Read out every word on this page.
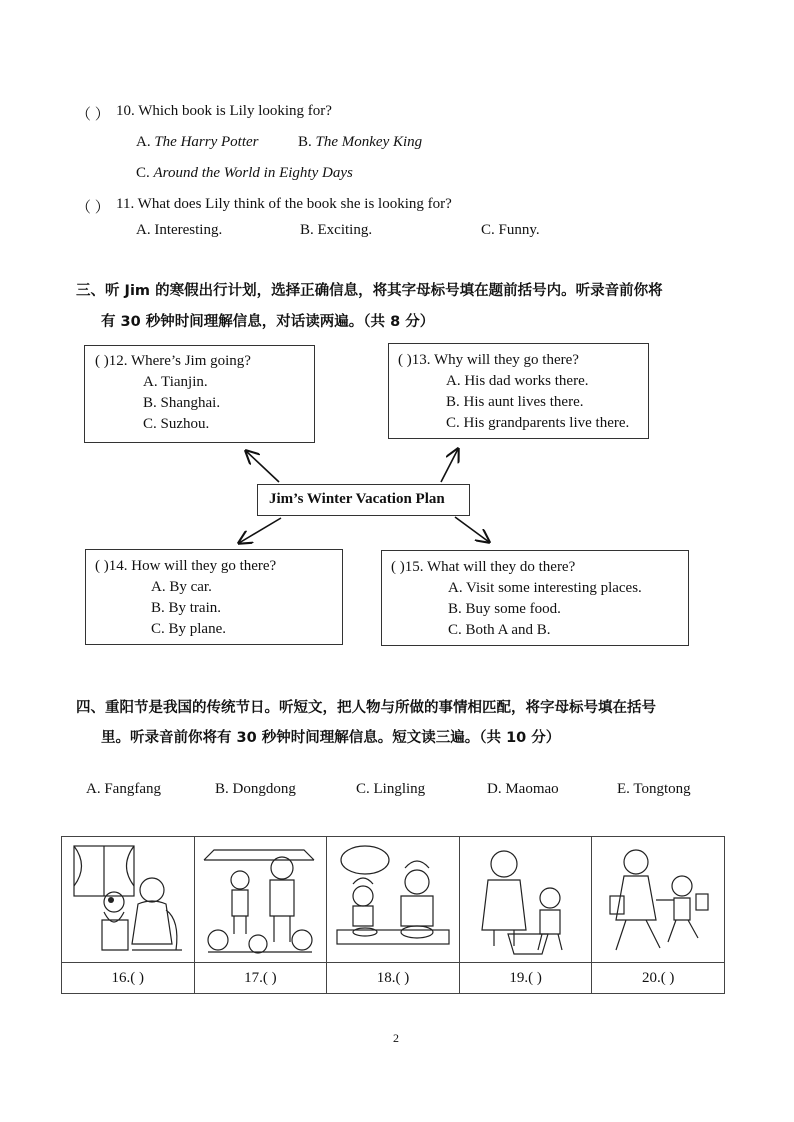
（ ） 10. Which book is Lily looking for?
A. The Harry Potter	B. The Monkey King
C. Around the World in Eighty Days
（ ） 11. What does Lily think of the book she is looking for?
A. Interesting.	B. Exciting.	C. Funny.
三、听 Jim 的寒假出行计划，选择正确信息，将其字母标号填在题前括号内。听录音前你将
有 30 秒钟时间理解信息，对话读两遍。（共 8 分）
( )12. Where’s Jim going?
A. Tianjin.
B. Shanghai.
C. Suzhou.
( )13. Why will they go there?
A. His dad works there.
B. His aunt lives there.
C. His grandparents live there.
Jim’s Winter Vacation Plan
( )14. How will they go there?
A. By car.
B. By train.
C. By plane.
( )15. What will they do there?
A. Visit some interesting places.
B. Buy some food.
C. Both A and B.
四、重阳节是我国的传统节日。听短文，把人物与所做的事情相匹配，将字母标号填在括号
里。听录音前你将有 30 秒钟时间理解信息。短文读三遍。（共 10 分）
A. Fangfang	B. Dongdong	C. Lingling	D. Maomao	E. Tongtong

16.( )	17.( )	18.( )	19.( )	20.( )
2
